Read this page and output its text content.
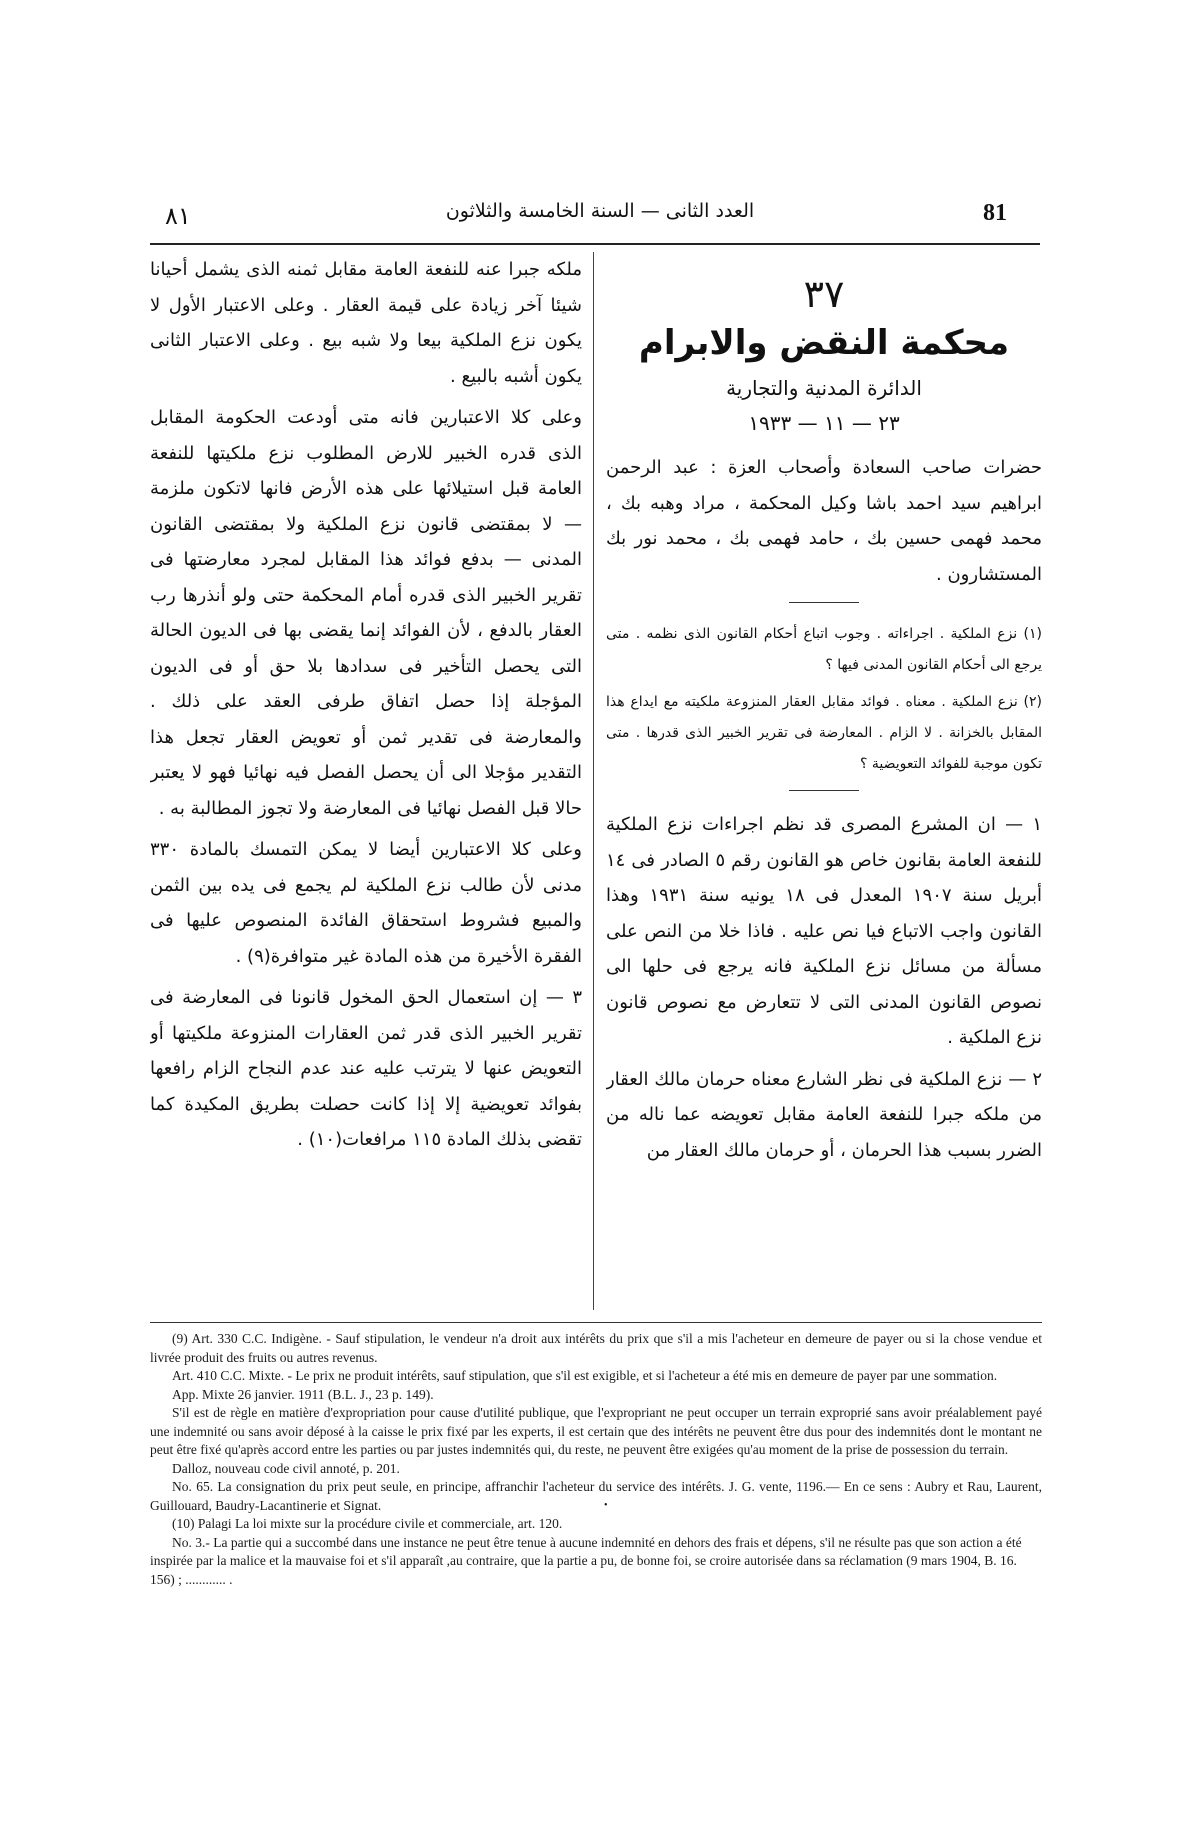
٨١	العدد الثانى — السنة الخامسة والثلاثون	81
٣٧
محكمة النقض والابرام
الدائرة المدنية والتجارية
٢٣ — ١١ — ١٩٣٣

حضرات صاحب السعادة وأصحاب العزة : عبد الرحمن ابراهيم سيد احمد باشا وكيل المحكمة ، مراد وهبه بك ، محمد فهمى حسين بك ، حامد فهمى بك ، محمد نور بك المستشارون .

(١) نزع الملكية . اجراءاته . وجوب اتباع أحكام القانون الذى نظمه . متى يرجع الى أحكام القانون المدنى فيها ؟

(٢) نزع الملكية . معناه . فوائد مقابل العقار المنزوعة ملكيته مع ايداع هذا المقابل بالخزانة . لا الزام . المعارضة فى تقرير الخبير الذى قدرها . متى تكون موجبة للفوائد التعويضية ؟

١ — ان المشرع المصرى قد نظم اجراءات نزع الملكية للنفعة العامة بقانون خاص هو القانون رقم ٥ الصادر فى ١٤ أبريل سنة ١٩٠٧ المعدل فى ١٨ يونيه سنة ١٩٣١ وهذا القانون واجب الاتباع فيا نص عليه . فاذا خلا من النص على مسألة من مسائل نزع الملكية فانه يرجع فى حلها الى نصوص القانون المدنى التى لا تتعارض مع نصوص قانون نزع الملكية .

٢ — نزع الملكية فى نظر الشارع معناه حرمان مالك العقار من ملكه جبرا للنفعة العامة مقابل تعويضه عما ناله من الضرر بسبب هذا الحرمان ، أو حرمان مالك العقار من

ملكه جبرا عنه للنفعة العامة مقابل ثمنه الذى يشمل أحيانا شيئا آخر زيادة على قيمة العقار . وعلى الاعتبار الأول لا يكون نزع الملكية بيعا ولا شبه بيع . وعلى الاعتبار الثانى يكون أشبه بالبيع .

وعلى كلا الاعتبارين فانه متى أودعت الحكومة المقابل الذى قدره الخبير للارض المطلوب نزع ملكيتها للنفعة العامة قبل استيلائها على هذه الأرض فانها لاتكون ملزمة — لا بمقتضى قانون نزع الملكية ولا بمقتضى القانون المدنى — بدفع فوائد هذا المقابل لمجرد معارضتها فى تقرير الخبير الذى قدره أمام المحكمة حتى ولو أنذرها رب العقار بالدفع ، لأن الفوائد إنما يقضى بها فى الديون الحالة التى يحصل التأخير فى سدادها بلا حق أو فى الديون المؤجلة إذا حصل اتفاق طرفى العقد على ذلك . والمعارضة فى تقدير ثمن أو تعويض العقار تجعل هذا التقدير مؤجلا الى أن يحصل الفصل فيه نهائيا فهو لا يعتبر حالا قبل الفصل نهائيا فى المعارضة ولا تجوز المطالبة به .

وعلى كلا الاعتبارين أيضا لا يمكن التمسك بالمادة ٣٣٠ مدنى لأن طالب نزع الملكية لم يجمع فى يده بين الثمن والمبيع فشروط استحقاق الفائدة المنصوص عليها فى الفقرة الأخيرة من هذه المادة غير متوافرة(٩) .

٣ — إن استعمال الحق المخول قانونا فى المعارضة فى تقرير الخبير الذى قدر ثمن العقارات المنزوعة ملكيتها أو التعويض عنها لا يترتب عليه عند عدم النجاح الزام رافعها بفوائد تعويضية إلا إذا كانت حصلت بطريق المكيدة كما تقضى بذلك المادة ١١٥ مرافعات(١٠) .

(9) Art. 330 C.C. Indigène. - Sauf stipulation, le vendeur n'a droit aux intérêts du prix que s'il a mis l'acheteur en demeure de payer ou si la chose vendue et livrée produit des fruits ou autres revenus.

Art. 410 C.C. Mixte. - Le prix ne produit intérêts, sauf stipulation, que s'il est exigible, et si l'acheteur a été mis en demeure de payer par une sommation.

App. Mixte 26 janvier. 1911 (B.L. J., 23 p. 149).

S'il est de règle en matière d'expropriation pour cause d'utilité publique, que l'expropriant ne peut occuper un terrain exproprié sans avoir préalablement payé une indemnité ou sans avoir déposé à la caisse le prix fixé par les experts, il est certain que des intérêts ne peuvent être dus pour des indemnités dont le montant ne peut être fixé qu'après accord entre les parties ou par justes indemnités qui, du reste, ne peuvent être exigées qu'au moment de la prise de possession du terrain.

Dalloz, nouveau code civil annoté, p. 201.

No. 65. La consignation du prix peut seule, en principe, affranchir l'acheteur du service des intérêts. J. G. vente, 1196.— En ce sens : Aubry et Rau, Laurent, Guillouard, Baudry-Lacantinerie et Signat.

(10) Palagi La loi mixte sur la procédure civile et commerciale, art. 120.

No. 3.- La partie qui a succombé dans une instance ne peut être tenue à aucune indemnité en dehors des frais et dépens, s'il ne résulte pas que son action a été inspirée par la malice et la mauvaise foi et s'il apparaît ,au contraire, que la partie a pu, de bonne foi, se croire autorisée dans sa réclamation (9 mars 1904, B. 16. 156) ; ............ .

•
